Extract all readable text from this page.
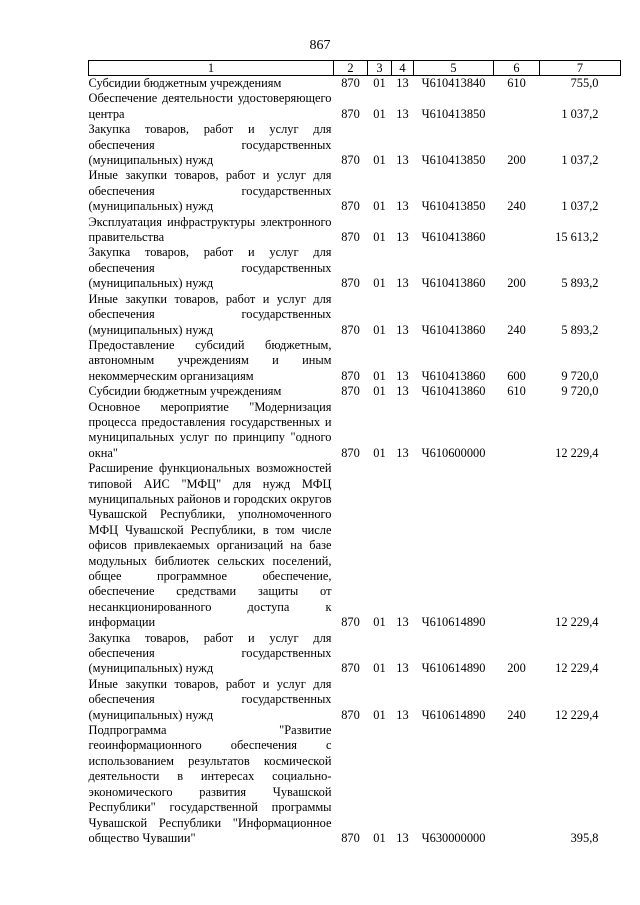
867
1	2	3	4	5	6	7
Субсидии бюджетным учреждениям	870	01	13	Ч610413840	610	755,0
Обеспечение деятельности удостоверяющего центра	870	01	13	Ч610413850		1 037,2
Закупка товаров, работ и услуг для обеспечения государственных (муниципальных) нужд	870	01	13	Ч610413850	200	1 037,2
Иные закупки товаров, работ и услуг для обеспечения государственных (муниципальных) нужд	870	01	13	Ч610413850	240	1 037,2
Эксплуатация инфраструктуры электронного правительства	870	01	13	Ч610413860		15 613,2
Закупка товаров, работ и услуг для обеспечения государственных (муниципальных) нужд	870	01	13	Ч610413860	200	5 893,2
Иные закупки товаров, работ и услуг для обеспечения государственных (муниципальных) нужд	870	01	13	Ч610413860	240	5 893,2
Предоставление субсидий бюджетным, автономным учреждениям и иным некоммерческим организациям	870	01	13	Ч610413860	600	9 720,0
Субсидии бюджетным учреждениям	870	01	13	Ч610413860	610	9 720,0
Основное мероприятие "Модернизация процесса предоставления государственных и муниципальных услуг по принципу "одного окна"	870	01	13	Ч610600000		12 229,4
Расширение функциональных возможностей типовой АИС "МФЦ" для нужд МФЦ муниципальных районов и городских округов Чувашской Республики, уполномоченного МФЦ Чувашской Республики, в том числе офисов привлекаемых организаций на базе модульных библиотек сельских поселений, общее программное обеспечение, обеспечение средствами защиты от несанкционированного доступа к информации	870	01	13	Ч610614890		12 229,4
Закупка товаров, работ и услуг для обеспечения государственных (муниципальных) нужд	870	01	13	Ч610614890	200	12 229,4
Иные закупки товаров, работ и услуг для обеспечения государственных (муниципальных) нужд	870	01	13	Ч610614890	240	12 229,4
Подпрограмма "Развитие геоинформационного обеспечения с использованием результатов космической деятельности в интересах социально-экономического развития Чувашской Республики" государственной программы Чувашской Республики "Информационное общество Чувашии"	870	01	13	Ч630000000		395,8
